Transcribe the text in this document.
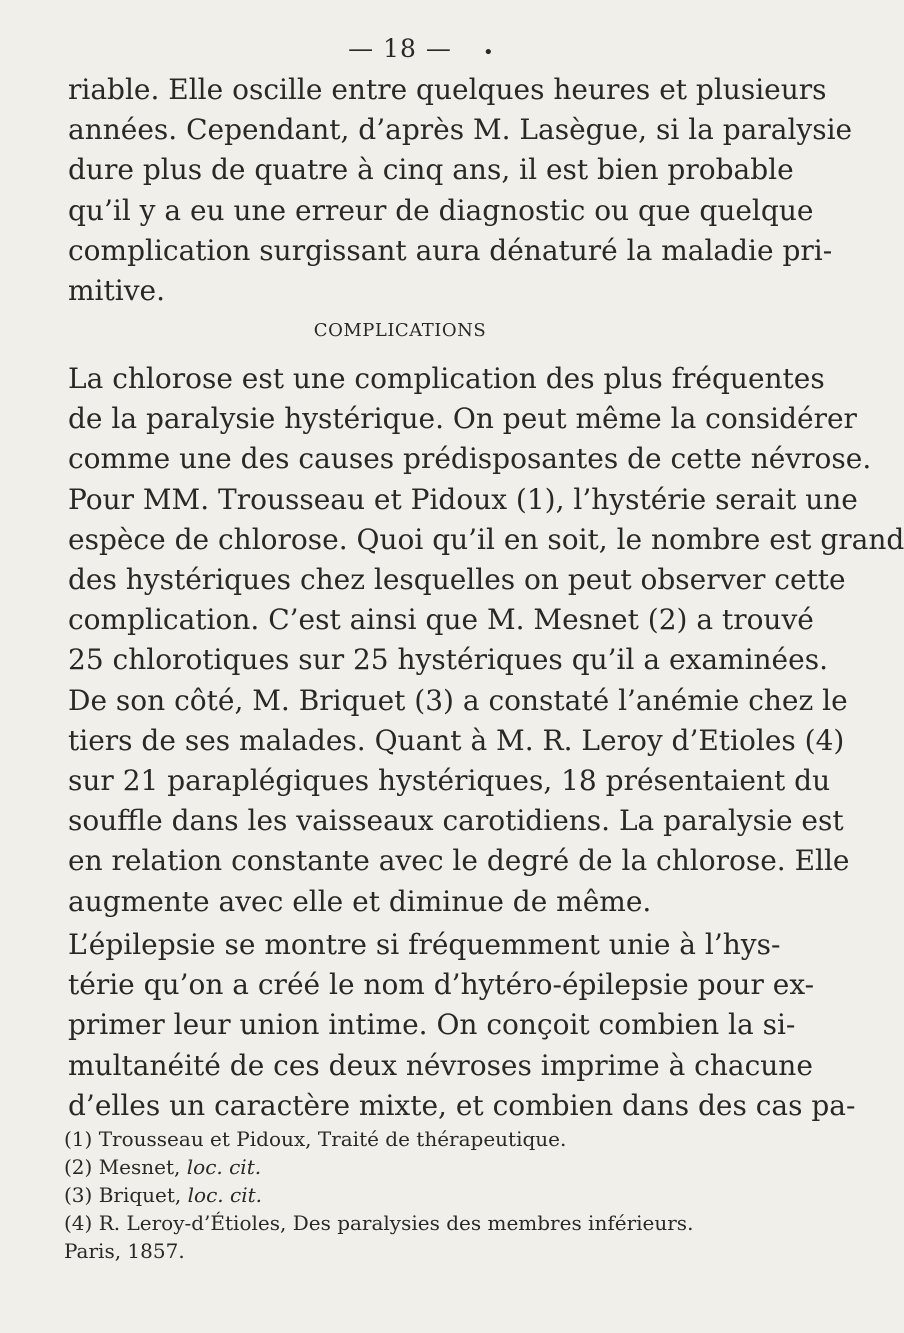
— 18 —	•
riable. Elle oscille entre quelques heures et plusieurs
années. Cependant, d’après M. Lasègue, si la paralysie
dure plus de quatre à cinq ans, il est bien probable
qu’il y a eu une erreur de diagnostic ou que quelque
complication surgissant aura dénaturé la maladie pri-
mitive.
COMPLICATIONS
La chlorose est une complication des plus fréquentes
de la paralysie hystérique. On peut même la considérer
comme une des causes prédisposantes de cette névrose.
Pour MM. Trousseau et Pidoux (1), l’hystérie serait une
espèce de chlorose. Quoi qu’il en soit, le nombre est grand
des hystériques chez lesquelles on peut observer cette
complication. C’est ainsi que M. Mesnet (2) a trouvé
25 chlorotiques sur 25 hystériques qu’il a examinées.
De son côté, M. Briquet (3) a constaté l’anémie chez le
tiers de ses malades. Quant à M. R. Leroy d’Etioles (4)
sur 21 paraplégiques hystériques, 18 présentaient du
souffle dans les vaisseaux carotidiens. La paralysie est
en relation constante avec le degré de la chlorose. Elle
augmente avec elle et diminue de même.
L’épilepsie se montre si fréquemment unie à l’hys-
térie qu’on a créé le nom d’hytéro-épilepsie pour ex-
primer leur union intime. On conçoit combien la si-
multanéité de ces deux névroses imprime à chacune
d’elles un caractère mixte, et combien dans des cas pa-
(1) Trousseau et Pidoux, Traité de thérapeutique.
(2) Mesnet, loc. cit.
(3) Briquet, loc. cit.
(4) R. Leroy-d’Étioles, Des paralysies des membres inférieurs.
Paris, 1857.
